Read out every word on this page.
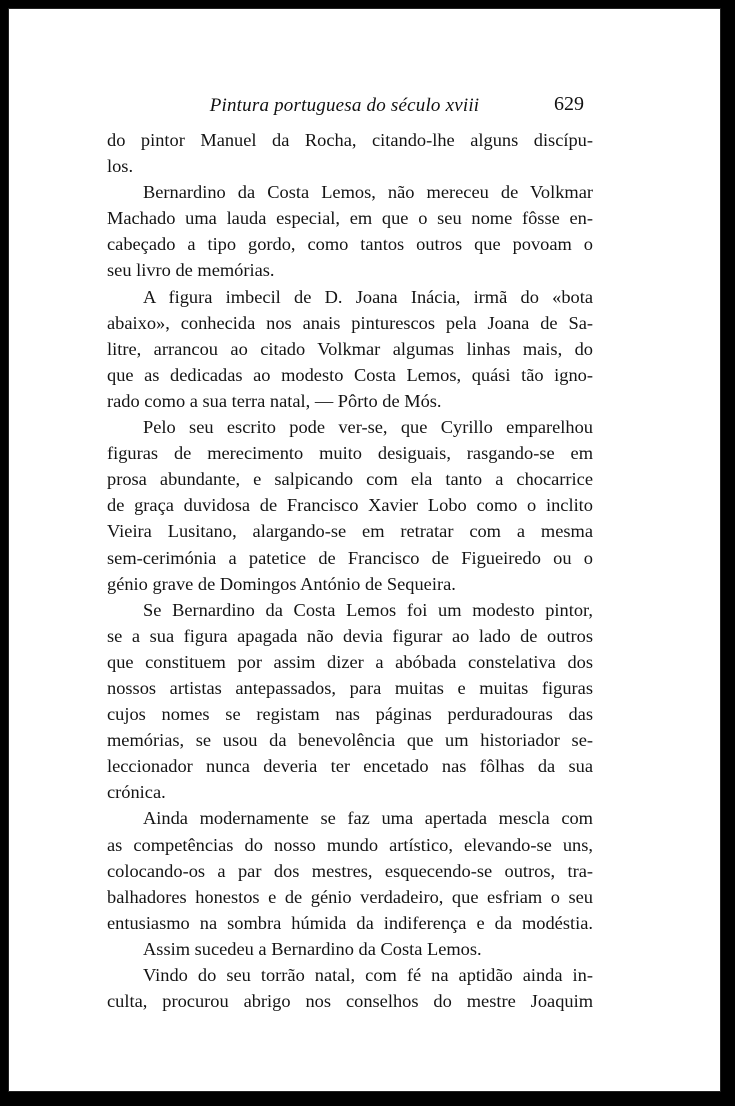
Pintura portuguesa do século xviii	629
do pintor Manuel da Rocha, citando-lhe alguns discípu-
los.
Bernardino da Costa Lemos, não mereceu de Volkmar
Machado uma lauda especial, em que o seu nome fôsse en-
cabeçado a tipo gordo, como tantos outros que povoam o
seu livro de memórias.
A figura imbecil de D. Joana Inácia, irmã do «bota
abaixo», conhecida nos anais pinturescos pela Joana de Sa-
litre, arrancou ao citado Volkmar algumas linhas mais, do
que as dedicadas ao modesto Costa Lemos, quási tão igno-
rado como a sua terra natal, — Pôrto de Mós.
Pelo seu escrito pode ver-se, que Cyrillo emparelhou
figuras de merecimento muito desiguais, rasgando-se em
prosa abundante, e salpicando com ela tanto a chocarrice
de graça duvidosa de Francisco Xavier Lobo como o inclito
Vieira Lusitano, alargando-se em retratar com a mesma
sem-cerimónia a patetice de Francisco de Figueiredo ou o
génio grave de Domingos António de Sequeira.
Se Bernardino da Costa Lemos foi um modesto pintor,
se a sua figura apagada não devia figurar ao lado de outros
que constituem por assim dizer a abóbada constelativa dos
nossos artistas antepassados, para muitas e muitas figuras
cujos nomes se registam nas páginas perduradouras das
memórias, se usou da benevolência que um historiador se-
leccionador nunca deveria ter encetado nas fôlhas da sua
crónica.
Ainda modernamente se faz uma apertada mescla com
as competências do nosso mundo artístico, elevando-se uns,
colocando-os a par dos mestres, esquecendo-se outros, tra-
balhadores honestos e de génio verdadeiro, que esfriam o seu
entusiasmo na sombra húmida da indiferença e da modéstia.
Assim sucedeu a Bernardino da Costa Lemos.
Vindo do seu torrão natal, com fé na aptidão ainda in-
culta, procurou abrigo nos conselhos do mestre Joaquim
